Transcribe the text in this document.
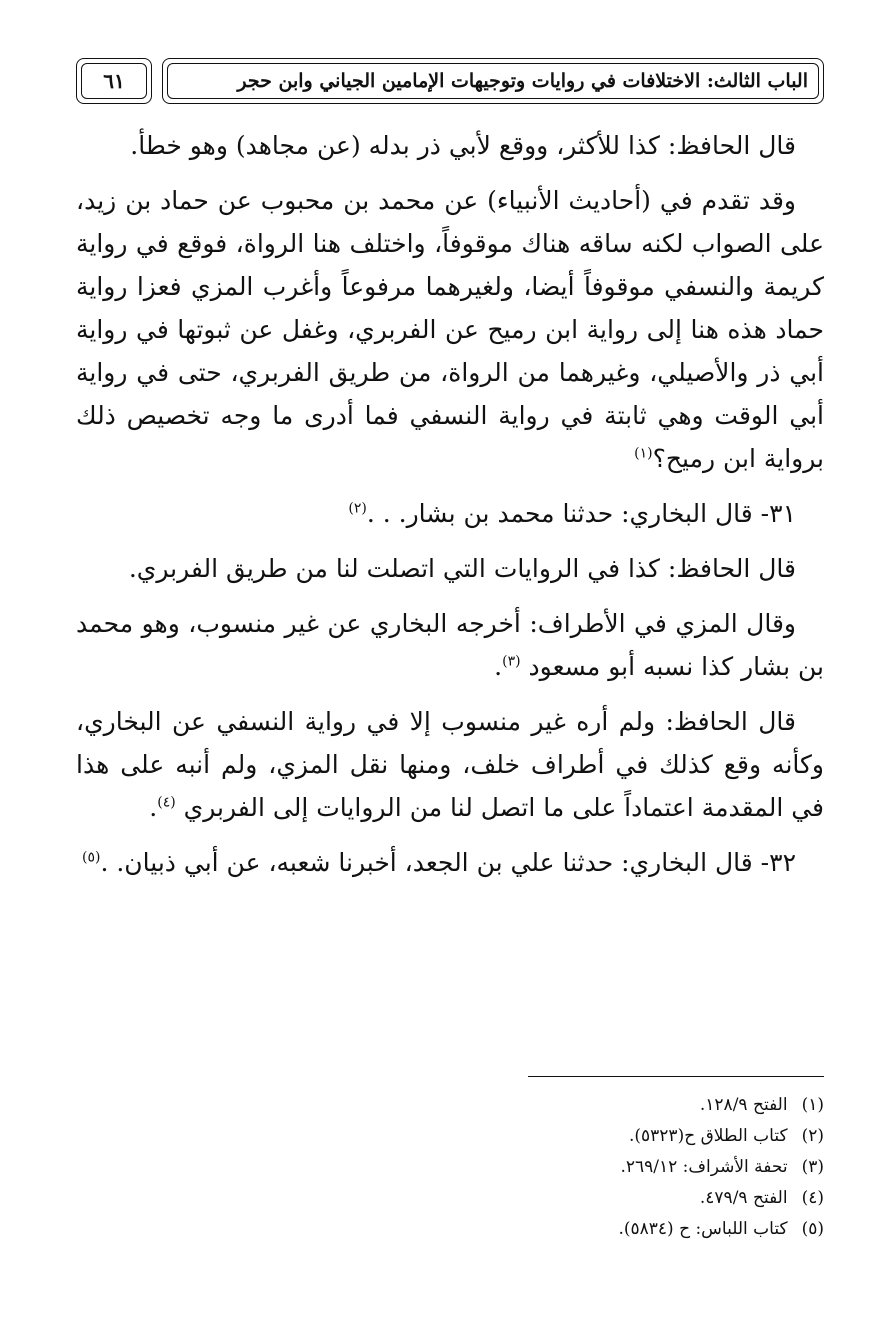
الباب الثالث: الاختلافات في روايات وتوجيهات الإمامين الجياني وابن حجر
٦١

قال الحافظ: كذا للأكثر، ووقع لأبي ذر بدله (عن مجاهد) وهو خطأ.

وقد تقدم في (أحاديث الأنبياء) عن محمد بن محبوب عن حماد بن زيد، على الصواب لكنه ساقه هناك موقوفاً، واختلف هنا الرواة، فوقع في رواية كريمة والنسفي موقوفاً أيضا، ولغيرهما مرفوعاً وأغرب المزي فعزا رواية حماد هذه هنا إلى رواية ابن رميح عن الفربري، وغفل عن ثبوتها في رواية أبي ذر والأصيلي، وغيرهما من الرواة، من طريق الفربري، حتى في رواية أبي الوقت وهي ثابتة في رواية النسفي فما أدرى ما وجه تخصيص ذلك برواية ابن رميح؟$^{(١)}$

٣١- قال البخاري: حدثنا محمد بن بشار. . .$^{(٢)}$

قال الحافظ: كذا في الروايات التي اتصلت لنا من طريق الفربري.

وقال المزي في الأطراف: أخرجه البخاري عن غير منسوب، وهو محمد بن بشار كذا نسبه أبو مسعود $^{(٣)}$.

قال الحافظ: ولم أره غير منسوب إلا في رواية النسفي عن البخاري، وكأنه وقع كذلك في أطراف خلف، ومنها نقل المزي، ولم أنبه على هذا في المقدمة اعتماداً على ما اتصل لنا من الروايات إلى الفربري $^{(٤)}$.

٣٢- قال البخاري: حدثنا علي بن الجعد، أخبرنا شعبه، عن أبي ذبيان. .$^{(٥)}$

(١)
الفتح ١٢٨/٩.
(٢)
كتاب الطلاق ح(٥٣٢٣).
(٣)
تحفة الأشراف: ٢٦٩/١٢.
(٤)
الفتح ٤٧٩/٩.
(٥)
كتاب اللباس: ح (٥٨٣٤).
